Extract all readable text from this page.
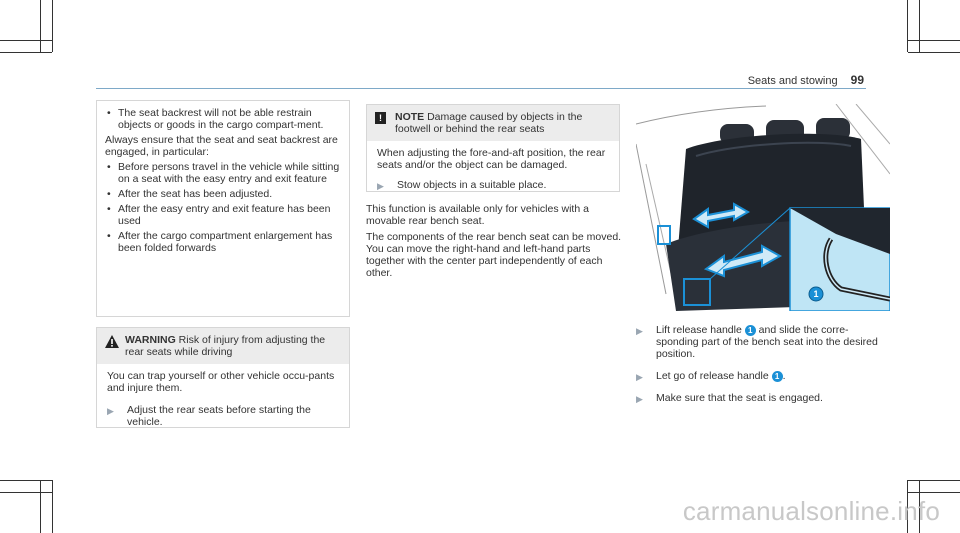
Seats and stowing 99
• The seat backrest will not be able restrain objects or goods in the cargo compart-ment.
Always ensure that the seat and seat backrest are engaged, in particular:
• Before persons travel in the vehicle while sitting on a seat with the easy entry and exit feature
• After the seat has been adjusted.
• After the easy entry and exit feature has been used
• After the cargo compartment enlargement has been folded forwards
WARNING Risk of injury from adjusting the rear seats while driving
You can trap yourself or other vehicle occu-pants and injure them.
▶	Adjust the rear seats before starting the vehicle.
!	NOTE Damage caused by objects in the footwell or behind the rear seats
When adjusting the fore-and-aft position, the rear seats and/or the object can be damaged.
▶	Stow objects in a suitable place.
This function is available only for vehicles with a movable rear bench seat.
The components of the rear bench seat can be moved. You can move the right-hand and left-hand parts together with the center part independently of each other.
1
▶	Lift release handle 1 and slide the corre-sponding part of the bench seat into the desired position.
▶	Let go of release handle 1 .
▶	Make sure that the seat is engaged.
carmanualsonline.info
